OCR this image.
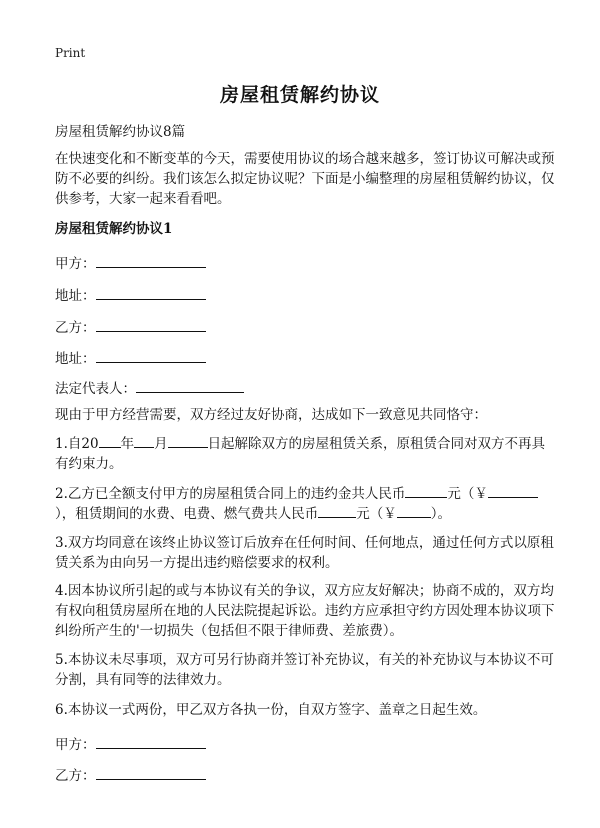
Print
房屋租赁解约协议
房屋租赁解约协议8篇
在快速变化和不断变革的今天，需要使用协议的场合越来越多，签订协议可解决或预防不必要的纠纷。我们该怎么拟定协议呢？下面是小编整理的房屋租赁解约协议，仅供参考，大家一起来看看吧。
房屋租赁解约协议1
甲方：
地址：
乙方：
地址：
法定代表人：
现由于甲方经营需要，双方经过友好协商，达成如下一致意见共同恪守：
1.自20 年 月	日起解除双方的房屋租赁关系，原租赁合同对双方不再具有约束力。
2.乙方已全额支付甲方的房屋租赁合同上的违约金共人民币	元（￥），租赁期间的水费、电费、燃气费共人民币	元（￥	）。
3.双方均同意在该终止协议签订后放弃在任何时间、任何地点，通过任何方式以原租赁关系为由向另一方提出违约赔偿要求的权利。
4.因本协议所引起的或与本协议有关的争议，双方应友好解决；协商不成的，双方均有权向租赁房屋所在地的人民法院提起诉讼。违约方应承担守约方因处理本协议项下纠纷所产生的'一切损失（包括但不限于律师费、差旅费）。
5.本协议未尽事项，双方可另行协商并签订补充协议，有关的补充协议与本协议不可分割，具有同等的法律效力。
6.本协议一式两份，甲乙双方各执一份，自双方签字、盖章之日起生效。
甲方：
乙方：
